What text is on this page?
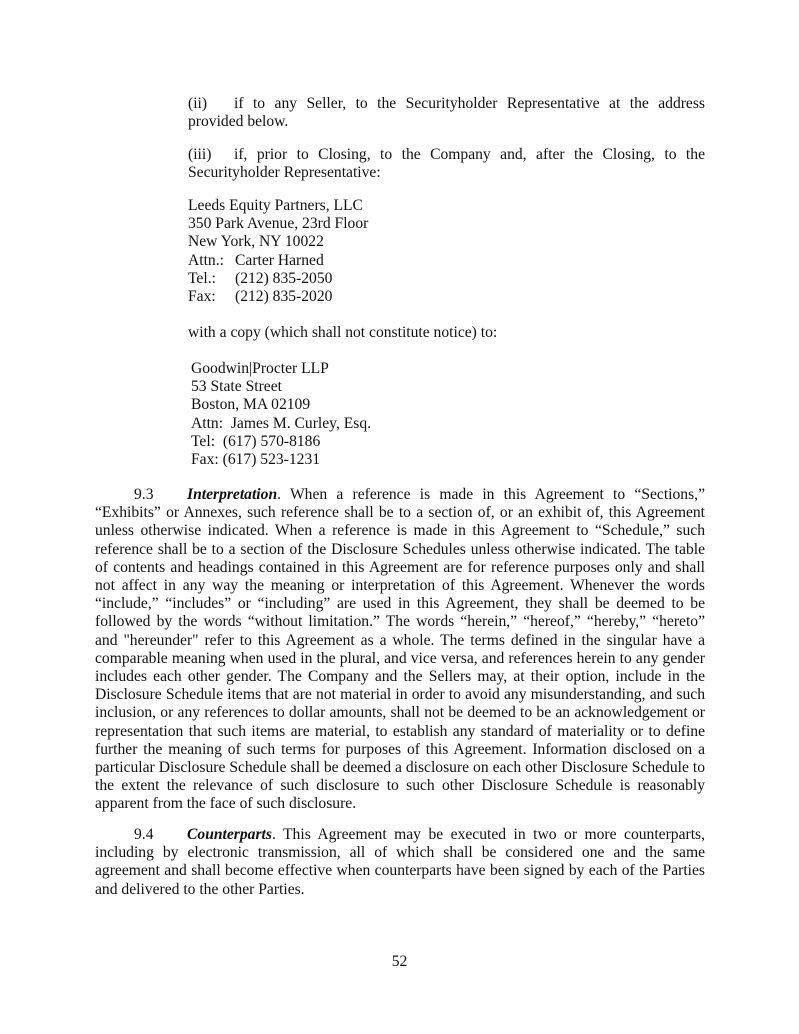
(ii) if to any Seller, to the Securityholder Representative at the address provided below.

(iii) if, prior to Closing, to the Company and, after the Closing, to the Securityholder Representative:

Leeds Equity Partners, LLC
350 Park Avenue, 23rd Floor
New York, NY 10022
Attn.: Carter Harned
Tel.: (212) 835-2050
Fax: (212) 835-2020

with a copy (which shall not constitute notice) to:

Goodwin|Procter LLP
53 State Street
Boston, MA 02109
Attn:  James M. Curley, Esq.
Tel:  (617) 570-8186
Fax: (617) 523-1231

9.3 Interpretation. When a reference is made in this Agreement to “Sections,” “Exhibits” or Annexes, such reference shall be to a section of, or an exhibit of, this Agreement unless otherwise indicated. When a reference is made in this Agreement to “Schedule,” such reference shall be to a section of the Disclosure Schedules unless otherwise indicated. The table of contents and headings contained in this Agreement are for reference purposes only and shall not affect in any way the meaning or interpretation of this Agreement. Whenever the words “include,” “includes” or “including” are used in this Agreement, they shall be deemed to be followed by the words “without limitation.” The words “herein,” “hereof,” “hereby,” “hereto” and "hereunder" refer to this Agreement as a whole. The terms defined in the singular have a comparable meaning when used in the plural, and vice versa, and references herein to any gender includes each other gender. The Company and the Sellers may, at their option, include in the Disclosure Schedule items that are not material in order to avoid any misunderstanding, and such inclusion, or any references to dollar amounts, shall not be deemed to be an acknowledgement or representation that such items are material, to establish any standard of materiality or to define further the meaning of such terms for purposes of this Agreement. Information disclosed on a particular Disclosure Schedule shall be deemed a disclosure on each other Disclosure Schedule to the extent the relevance of such disclosure to such other Disclosure Schedule is reasonably apparent from the face of such disclosure.

9.4 Counterparts. This Agreement may be executed in two or more counterparts, including by electronic transmission, all of which shall be considered one and the same agreement and shall become effective when counterparts have been signed by each of the Parties and delivered to the other Parties.

52
